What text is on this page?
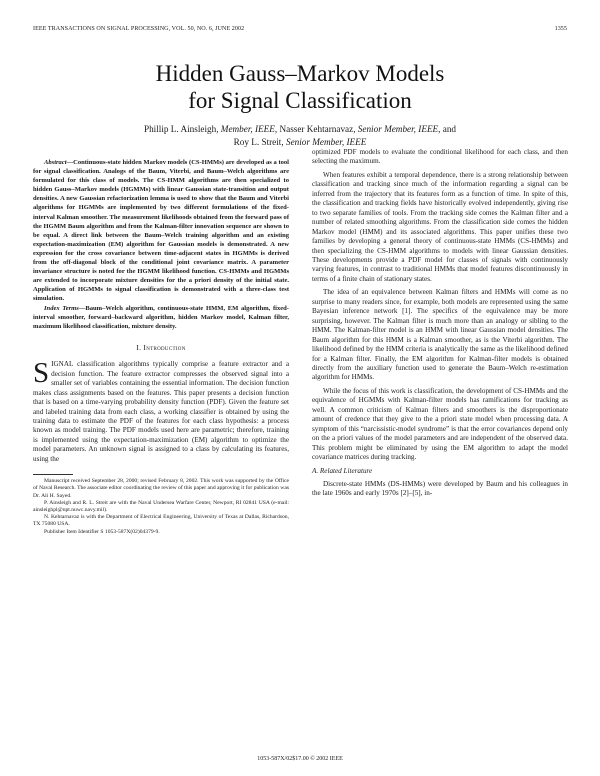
IEEE TRANSACTIONS ON SIGNAL PROCESSING, VOL. 50, NO. 6, JUNE 2002	1355
Hidden Gauss–Markov Models
for Signal Classification
Phillip L. Ainsleigh, Member, IEEE, Nasser Kehtarnavaz, Senior Member, IEEE, and
Roy L. Streit, Senior Member, IEEE

Abstract—Continuous-state hidden Markov models (CS-HMMs) are developed as a tool for signal classification. Analogs of the Baum, Viterbi, and Baum–Welch algorithms are formulated for this class of models. The CS-HMM algorithms are then specialized to hidden Gauss–Markov models (HGMMs) with linear Gaussian state-transition and output densities. A new Gaussian refactorization lemma is used to show that the Baum and Viterbi algorithms for HGMMs are implemented by two different formulations of the fixed-interval Kalman smoother. The measurement likelihoods obtained from the forward pass of the HGMM Baum algorithm and from the Kalman-filter innovation sequence are shown to be equal. A direct link between the Baum–Welch training algorithm and an existing expectation-maximization (EM) algorithm for Gaussian models is demonstrated. A new expression for the cross covariance between time-adjacent states in HGMMs is derived from the off-diagonal block of the conditional joint covariance matrix. A parameter invariance structure is noted for the HGMM likelihood function. CS-HMMs and HGMMs are extended to incorporate mixture densities for the a priori density of the initial state. Application of HGMMs to signal classification is demonstrated with a three-class test simulation.

Index Terms—Baum–Welch algorithm, continuous-state HMM, EM algorithm, fixed-interval smoother, forward–backward algorithm, hidden Markov model, Kalman filter, maximum likelihood classification, mixture density.

I. Introduction

SIGNAL classification algorithms typically comprise a feature extractor and a decision function. The feature extractor compresses the observed signal into a smaller set of variables containing the essential information. The decision function makes class assignments based on the features. This paper presents a decision function that is based on a time-varying probability density function (PDF). Given the feature set and labeled training data from each class, a working classifier is obtained by using the training data to estimate the PDF of the features for each class hypothesis: a process known as model training. The PDF models used here are parametric; therefore, training is implemented using the expectation-maximization (EM) algorithm to optimize the model parameters. An unknown signal is assigned to a class by calculating its features, using the

Manuscript received September 28, 2000; revised February 8, 2002. This work was supported by the Office of Naval Research. The associate editor coordinating the review of this paper and approving it for publication was Dr. Ali H. Sayed.

P. Ainsleigh and R. L. Streit are with the Naval Undersea Warfare Center, Newport, RI 02841 USA (e-mail: ainsleighpl@npt.nuwc.navy.mil).

N. Kehtarnavaz is with the Department of Electrical Engineering, University of Texas at Dallas, Richardson, TX 75080 USA.

Publisher Item Identifier S 1053-587X(02)04379-9.

optimized PDF models to evaluate the conditional likelihood for each class, and then selecting the maximum.

When features exhibit a temporal dependence, there is a strong relationship between classification and tracking since much of the information regarding a signal can be inferred from the trajectory that its features form as a function of time. In spite of this, the classification and tracking fields have historically evolved independently, giving rise to two separate families of tools. From the tracking side comes the Kalman filter and a number of related smoothing algorithms. From the classification side comes the hidden Markov model (HMM) and its associated algorithms. This paper unifies these two families by developing a general theory of continuous-state HMMs (CS-HMMs) and then specializing the CS-HMM algorithms to models with linear Gaussian densities. These developments provide a PDF model for classes of signals with continuously varying features, in contrast to traditional HMMs that model features discontinuously in terms of a finite chain of stationary states.

The idea of an equivalence between Kalman filters and HMMs will come as no surprise to many readers since, for example, both models are represented using the same Bayesian inference network [1]. The specifics of the equivalence may be more surprising, however. The Kalman filter is much more than an analogy or sibling to the HMM. The Kalman-filter model is an HMM with linear Gaussian model densities. The Baum algorithm for this HMM is a Kalman smoother, as is the Viterbi algorithm. The likelihood defined by the HMM criteria is analytically the same as the likelihood defined for a Kalman filter. Finally, the EM algorithm for Kalman-filter models is obtained directly from the auxiliary function used to generate the Baum–Welch re-estimation algorithm for HMMs.

While the focus of this work is classification, the development of CS-HMMs and the equivalence of HGMMs with Kalman-filter models has ramifications for tracking as well. A common criticism of Kalman filters and smoothers is the disproportionate amount of credence that they give to the a priori state model when processing data. A symptom of this “narcissistic-model syndrome” is that the error covariances depend only on the a priori values of the model parameters and are independent of the observed data. This problem might be eliminated by using the EM algorithm to adapt the model covariance matrices during tracking.

A. Related Literature

Discrete-state HMMs (DS-HMMs) were developed by Baum and his colleagues in the late 1960s and early 1970s [2]–[5], in-

1053-587X/02$17.00 © 2002 IEEE
